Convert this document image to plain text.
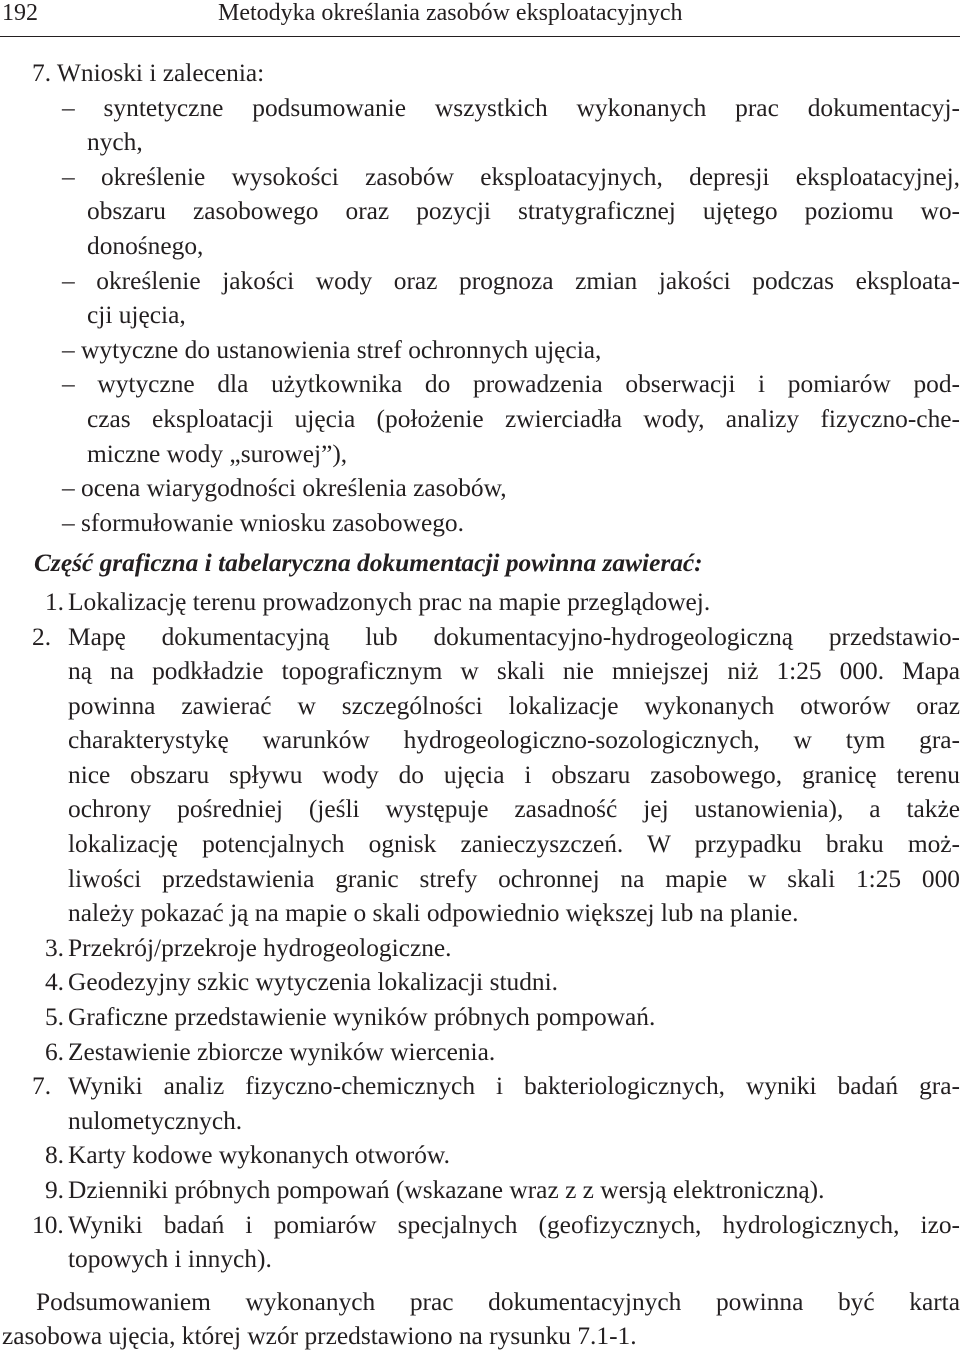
192	Metodyka określania zasobów eksploatacyjnych
7. Wnioski i zalecenia:
– syntetyczne podsumowanie wszystkich wykonanych prac dokumentacyj-
nych,
– określenie wysokości zasobów eksploatacyjnych, depresji eksploatacyjnej,
obszaru zasobowego oraz pozycji stratygraficznej ujętego poziomu wo-
donośnego,
– określenie jakości wody oraz prognoza zmian jakości podczas eksploata-
cji ujęcia,
– wytyczne do ustanowienia stref ochronnych ujęcia,
– wytyczne dla użytkownika do prowadzenia obserwacji i pomiarów pod-
czas eksploatacji ujęcia (położenie zwierciadła wody, analizy fizyczno-che-
miczne wody „surowej”),
– ocena wiarygodności określenia zasobów,
– sformułowanie wniosku zasobowego.
Część graficzna i tabelaryczna dokumentacji powinna zawierać:
1. Lokalizację terenu prowadzonych prac na mapie przeglądowej.
2. Mapę dokumentacyjną lub dokumentacyjno-hydrogeologiczną przedstawio-
ną na podkładzie topograficznym w skali nie mniejszej niż 1:25 000. Mapa
powinna zawierać w szczególności lokalizacje wykonanych otworów oraz
charakterystykę warunków hydrogeologiczno-sozologicznych, w tym gra-
nice obszaru spływu wody do ujęcia i obszaru zasobowego, granicę terenu
ochrony pośredniej (jeśli występuje zasadność jej ustanowienia), a także
lokalizację potencjalnych ognisk zanieczyszczeń. W przypadku braku moż-
liwości przedstawienia granic strefy ochronnej na mapie w skali 1:25 000
należy pokazać ją na mapie o skali odpowiednio większej lub na planie.
3. Przekrój/przekroje hydrogeologiczne.
4. Geodezyjny szkic wytyczenia lokalizacji studni.
5. Graficzne przedstawienie wyników próbnych pompowań.
6. Zestawienie zbiorcze wyników wiercenia.
7. Wyniki analiz fizyczno-chemicznych i bakteriologicznych, wyniki badań gra-
nulometycznych.
8. Karty kodowe wykonanych otworów.
9. Dzienniki próbnych pompowań (wskazane wraz z z wersją elektroniczną).
10. Wyniki badań i pomiarów specjalnych (geofizycznych, hydrologicznych, izo-
topowych i innych).
Podsumowaniem wykonanych prac dokumentacyjnych powinna być karta
zasobowa ujęcia, której wzór przedstawiono na rysunku 7.1-1.
